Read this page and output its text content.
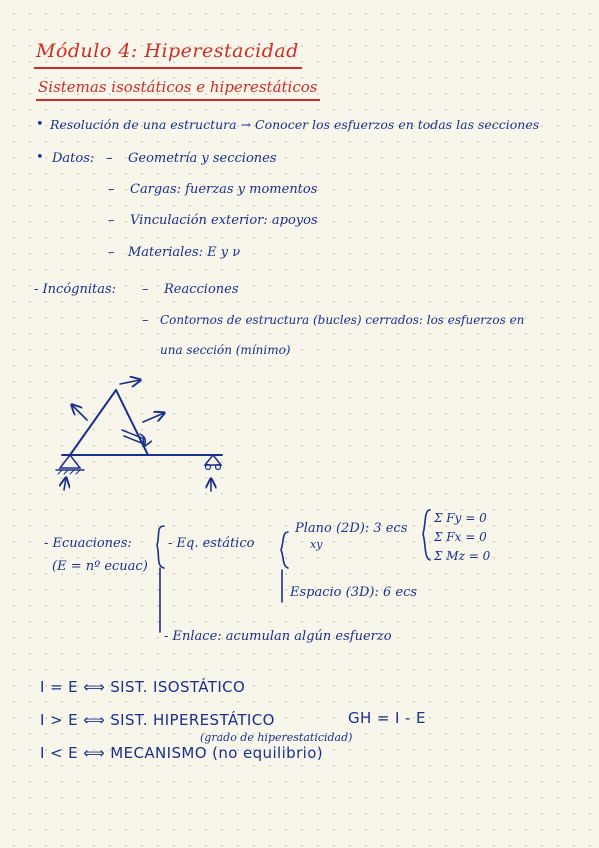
Módulo 4: Hiperestacidad
Sistemas isostáticos e hiperestáticos
• Resolución de una estructura → Conocer los esfuerzos en todas las secciones
• Datos: – Geometría y secciones
– Cargas: fuerzas y momentos
– Vinculación exterior: apoyos
– Materiales: E y ν
- Incógnitas: – Reacciones
– Contornos de estructura (bucles) cerrados: los esfuerzos en
una sección (mínimo)
- Ecuaciones:
(E = nº ecuac)
- Eq. estático
Plano (2D): 3 ecs
xy
Σ Fy = 0
Σ Fx = 0
Σ Mz = 0
Espacio (3D): 6 ecs
- Enlace: acumulan algún esfuerzo
I = E ⟺ SIST. ISOSTÁTICO
I > E ⟺ SIST. HIPERESTÁTICO	GH = I - E
(grado de hiperestaticidad)
I < E ⟺ MECANISMO (no equilibrio)
